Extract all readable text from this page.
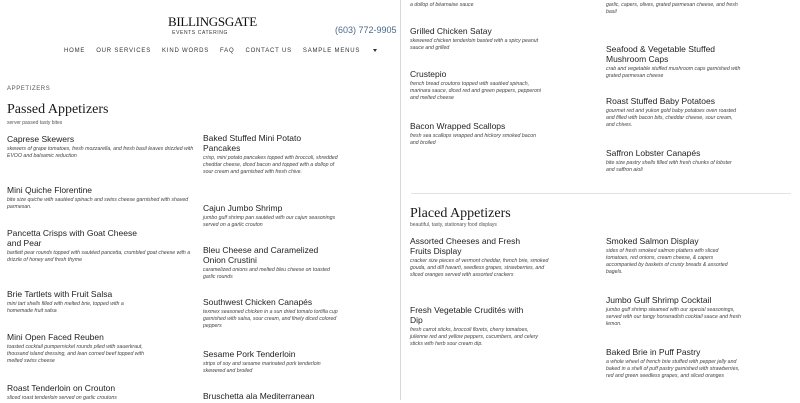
BILLINGSGATE
EVENTS CATERING	(603) 772-9905
HOME OUR SERVICES KIND WORDS FAQ CONTACT US SAMPLE MENUS
APPETIZERS
Passed Appetizers
server passed tasty bites
Caprese Skewers
skewers of grape tomatoes, fresh mozzarella, and fresh basil leaves drizzled with EVOO and balsamic reduction
Mini Quiche Florentine
bite size quiche with sautéed spinach and swiss cheese garnished with shaved parmesan.
Pancetta Crisps with Goat Cheese and Pear
bartlett pear rounds topped with sautéed pancetta, crumbled goat cheese with a drizzle of honey and fresh thyme
Brie Tartlets with Fruit Salsa
mini tart shells filled with melted brie, topped with a homemade fruit salsa
Mini Open Faced Reuben
toasted cocktail pumpernickel rounds piled with sauerkraut, thousand island dressing, and lean corned beef topped with melted swiss cheese
Roast Tenderloin on Crouton
sliced roast tenderloin served on garlic croutons
Baked Stuffed Mini Potato Pancakes
crisp, mini potato pancakes topped with broccoli, shredded cheddar cheese, diced bacon and topped with a dollop of sour cream and garnished with fresh chive.
Cajun Jumbo Shrimp
jumbo gulf shrimp pan sautéed with our cajun seasonings served on a garlic crouton
Bleu Cheese and Caramelized Onion Crustini
caramelized onions and melted bleu cheese on toasted garlic rounds
Southwest Chicken Canapés
texmex seasoned chicken in a sun dried tomato tortilla cup garnished with salsa, sour cream, and finely diced colored peppers
Sesame Pork Tenderloin
strips of soy and sesame marinated pork tenderloin skewered and broiled
Bruschetta ala Mediterranean
a dollop of béarnaise sauce
Grilled Chicken Satay
skewered chicken tenderloin basted with a spicy peanut sauce and grilled
Crustepio
french bread croutons topped with sautéed spinach, marinara sauce, diced red and green peppers, pepperoni and melted cheese
Bacon Wrapped Scallops
fresh sea scallops wrapped and hickory smoked bacon and broiled
garlic, capers, olives, grated parmesan cheese, and fresh basil
Seafood & Vegetable Stuffed Mushroom Caps
crab and vegetable stuffed mushroom caps garnished with grated parmesan cheese
Roast Stuffed Baby Potatoes
gourmet red and yukon gold baby potatoes oven roasted and filled with bacon bits, cheddar cheese, sour cream, and chives.
Saffron Lobster Canapés
bite size pastry shells filled with fresh chunks of lobster and saffron aioli
Placed Appetizers
beautiful, tasty, stationary food displays
Assorted Cheeses and Fresh Fruits Display
cracker size pieces of vermont cheddar, french brie, smoked gouda, and dill havarti, seedless grapes, strawberries, and sliced oranges served with assorted crackers
Fresh Vegetable Crudités with Dip
fresh carrot sticks, broccoli florets, cherry tomatoes, julienne red and yellow peppers, cucumbers, and celery sticks with herb sour cream dip.
Smoked Salmon Display
sides of fresh smoked salmon platters with sliced tomatoes, red onions, cream cheese, & capers accompanied by baskets of crusty breads & assorted bagels.
Jumbo Gulf Shrimp Cocktail
jumbo gulf shrimp steamed with our special seasonings, served with our tangy horseradish cocktail sauce and fresh lemon.
Baked Brie in Puff Pastry
a whole wheel of french brie stuffed with pepper jelly and baked in a shell of puff pastry garnished with strawberries, red and green seedless grapes, and sliced oranges
